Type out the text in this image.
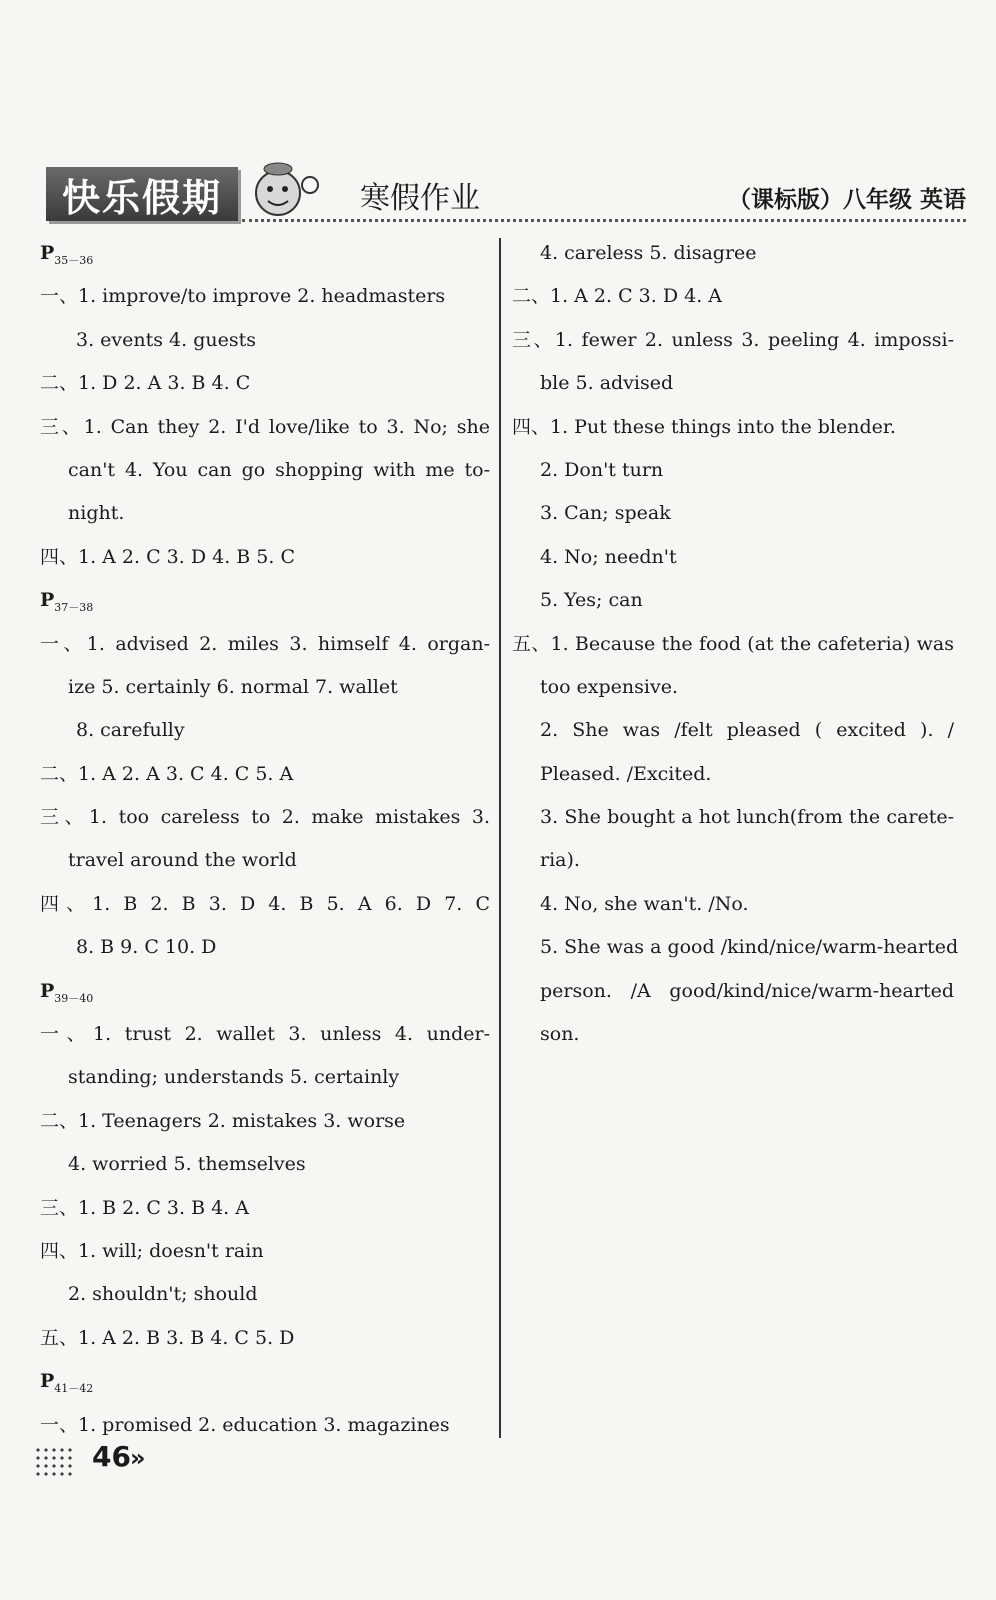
快乐假期	寒假作业	（课标版）八年级 英语
$P_{35-36}$
一、1. improve/to improve 2. headmasters
3. events 4. guests
二、1. D 2. A 3. B 4. C
三、1. Can they 2. I'd love/like to 3. No; she
can't 4. You can go shopping with me to-
night.
四、1. A 2. C 3. D 4. B 5. C
$P_{37-38}$
一、1. advised 2. miles 3. himself 4. organ-
ize 5. certainly 6. normal 7. wallet
8. carefully
二、1. A 2. A 3. C 4. C 5. A
三、1. too careless to 2. make mistakes 3.
travel around the world
四、1. B 2. B 3. D 4. B 5. A 6. D 7. C
8. B 9. C 10. D
$P_{39-40}$
一、1. trust 2. wallet 3. unless 4. under-
standing; understands 5. certainly
二、1. Teenagers 2. mistakes 3. worse
4. worried 5. themselves
三、1. B 2. C 3. B 4. A
四、1. will; doesn't rain
2. shouldn't; should
五、1. A 2. B 3. B 4. C 5. D
$P_{41-42}$
一、1. promised 2. education 3. magazines
4. careless 5. disagree
二、1. A 2. C 3. D 4. A
三、1. fewer 2. unless 3. peeling 4. impossi-
ble 5. advised
四、1. Put these things into the blender.
2. Don't turn
3. Can; speak
4. No; needn't
5. Yes; can
五、1. Because the food (at the cafeteria) was
too expensive.
2. She was /felt pleased ( excited ). /
Pleased. /Excited.
3. She bought a hot lunch(from the carete-
ria).
4. No, she wan't. /No.
5. She was a good /kind/nice/warm-hearted
person. /A good/kind/nice/warm-hearted
son.
46 »
